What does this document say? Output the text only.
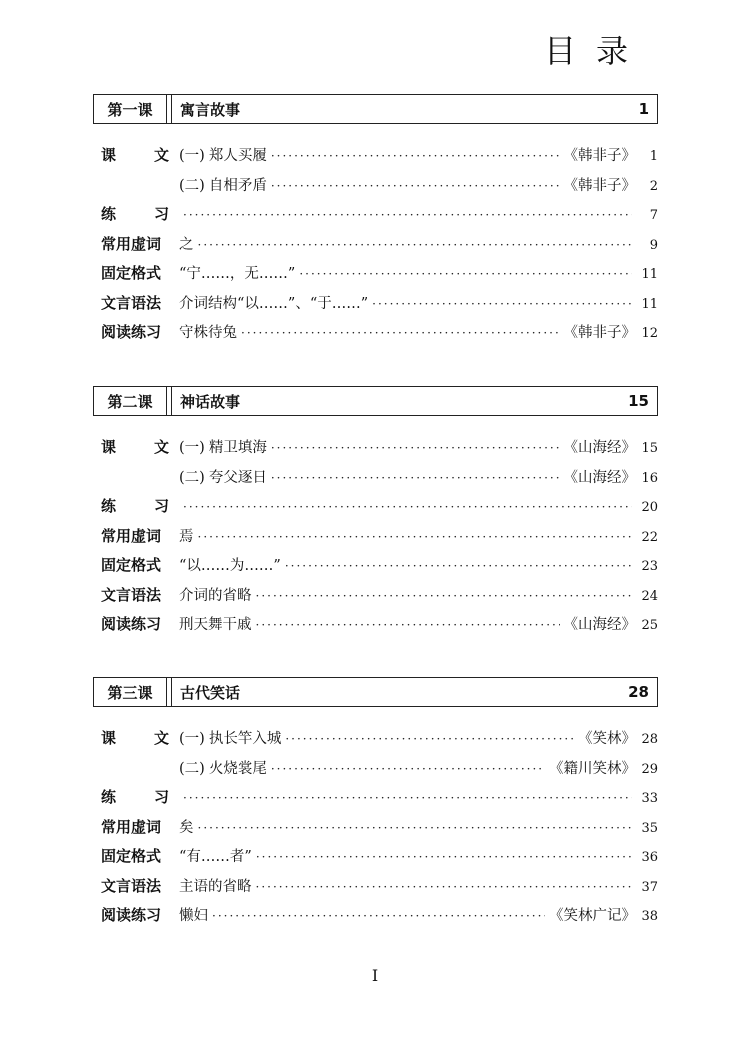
目录
第一课	寓言故事	1
课	文 (一) 郑人买履 ·····	《韩非子》	1
(二) 自相矛盾 ·····	《韩非子》	2
练	习 ·····	7
常用虚词	之 ·····	9
固定格式	“宁……，无……” ·····	11
文言语法	介词结构“以……”、“于……” ·····	11
阅读练习	守株待兔 ·····	《韩非子》 12
第二课	神话故事	15
课	文 (一) 精卫填海 ·····	《山海经》 15
(二) 夸父逐日 ·····	《山海经》 16
练	习 ·····	20
常用虚词	焉 ·····	22
固定格式	“以……为……” ·····	23
文言语法	介词的省略 ·····	24
阅读练习	刑天舞干戚 ·····	《山海经》 25
第三课	古代笑话	28
课	文 (一) 执长竿入城 ·····	《笑林》 28
(二) 火烧裳尾 ·····	《籍川笑林》 29
练	习 ·····	33
常用虚词	矣 ·····	35
固定格式	“有……者” ·····	36
文言语法	主语的省略 ·····	37
阅读练习	懒妇 ·····	《笑林广记》 38
I
